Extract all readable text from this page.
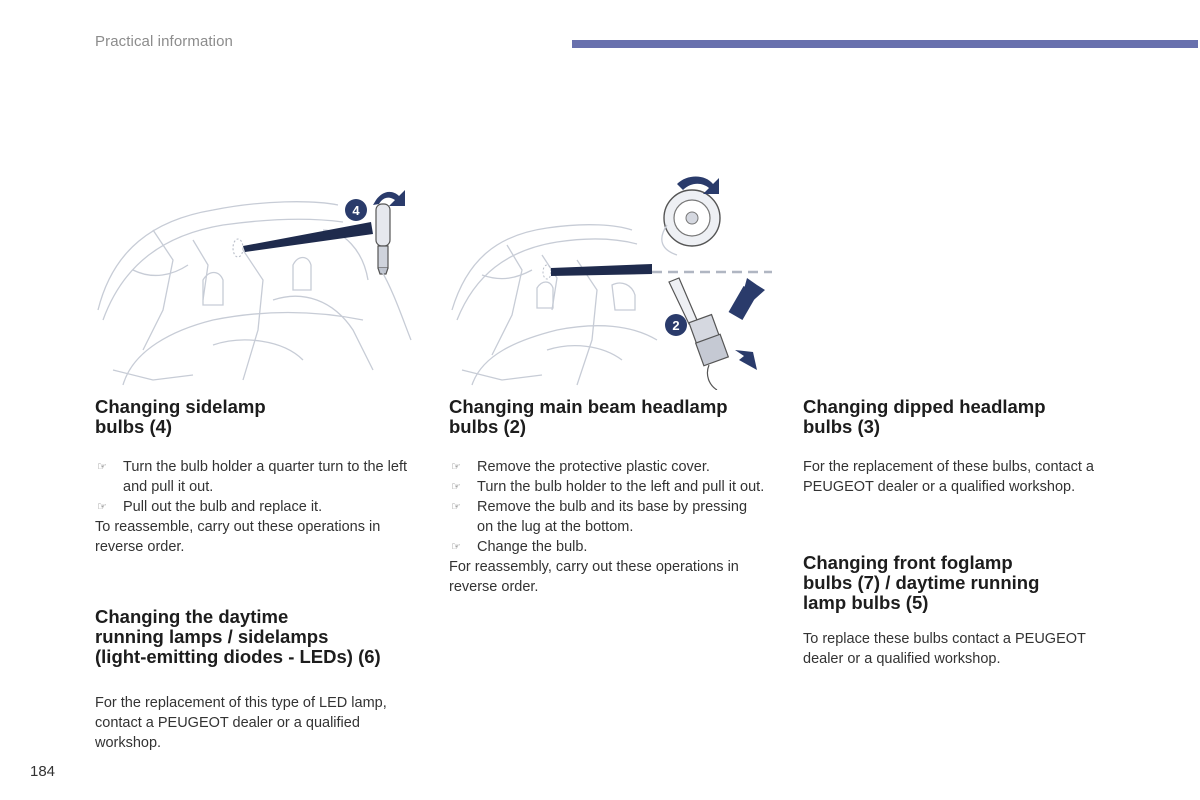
Practical information
4
2
Changing sidelamp
bulbs (4)
☞ Turn the bulb holder a quarter turn to the left and pull it out.
☞ Pull out the bulb and replace it.

To reassemble, carry out these operations in reverse order.

Changing the daytime
running lamps / sidelamps
(light-emitting diodes - LEDs) (6)

For the replacement of this type of LED lamp, contact a PEUGEOT dealer or a qualified workshop.

Changing main beam headlamp
bulbs (2)
☞ Remove the protective plastic cover.
☞ Turn the bulb holder to the left and pull it out.
☞ Remove the bulb and its base by pressing on the lug at the bottom.
☞ Change the bulb.

For reassembly, carry out these operations in reverse order.

Changing dipped headlamp
bulbs (3)

For the replacement of these bulbs, contact a PEUGEOT dealer or a qualified workshop.

Changing front foglamp
bulbs (7) / daytime running
lamp bulbs (5)

To replace these bulbs contact a PEUGEOT dealer or a qualified workshop.

184
